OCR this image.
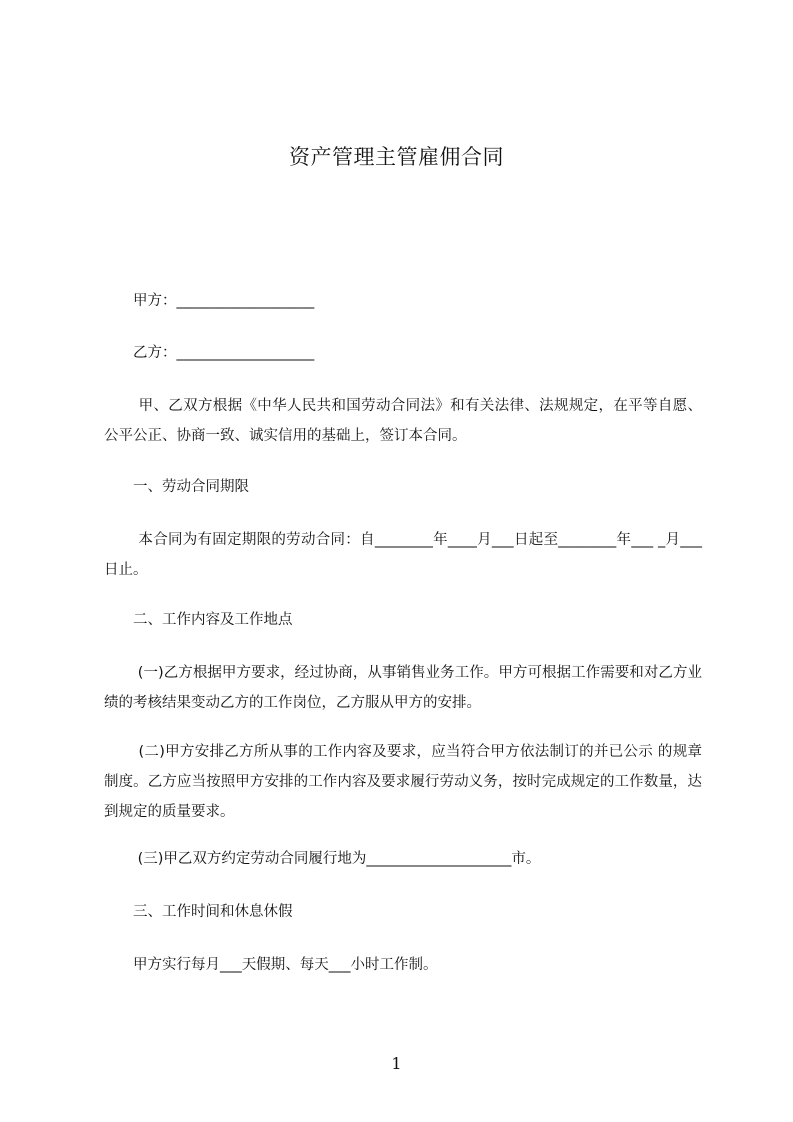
资产管理主管雇佣合同
　　甲方：___________________
　　乙方：___________________
　　 甲、乙双方根据《中华人民共和国劳动合同法》和有关法律、法规规定，在平等自愿、公平公正、协商一致、诚实信用的基础上，签订本合同。
　　一、劳动合同期限
　　 本合同为有固定期限的劳动合同：自________年____月___日起至________年___ _月___日止。
　　二、工作内容及工作地点
　　 (一)乙方根据甲方要求，经过协商，从事销售业务工作。甲方可根据工作需要和对乙方业绩的考核结果变动乙方的工作岗位，乙方服从甲方的安排。
　　 (二)甲方安排乙方所从事的工作内容及要求，应当符合甲方依法制订的并已公示 的规章制度。乙方应当按照甲方安排的工作内容及要求履行劳动义务，按时完成规定的工作数量，达到规定的质量要求。
　　 (三)甲乙双方约定劳动合同履行地为____________________市。
　　三、工作时间和休息休假
　　甲方实行每月___天假期、每天___小时工作制。
1
